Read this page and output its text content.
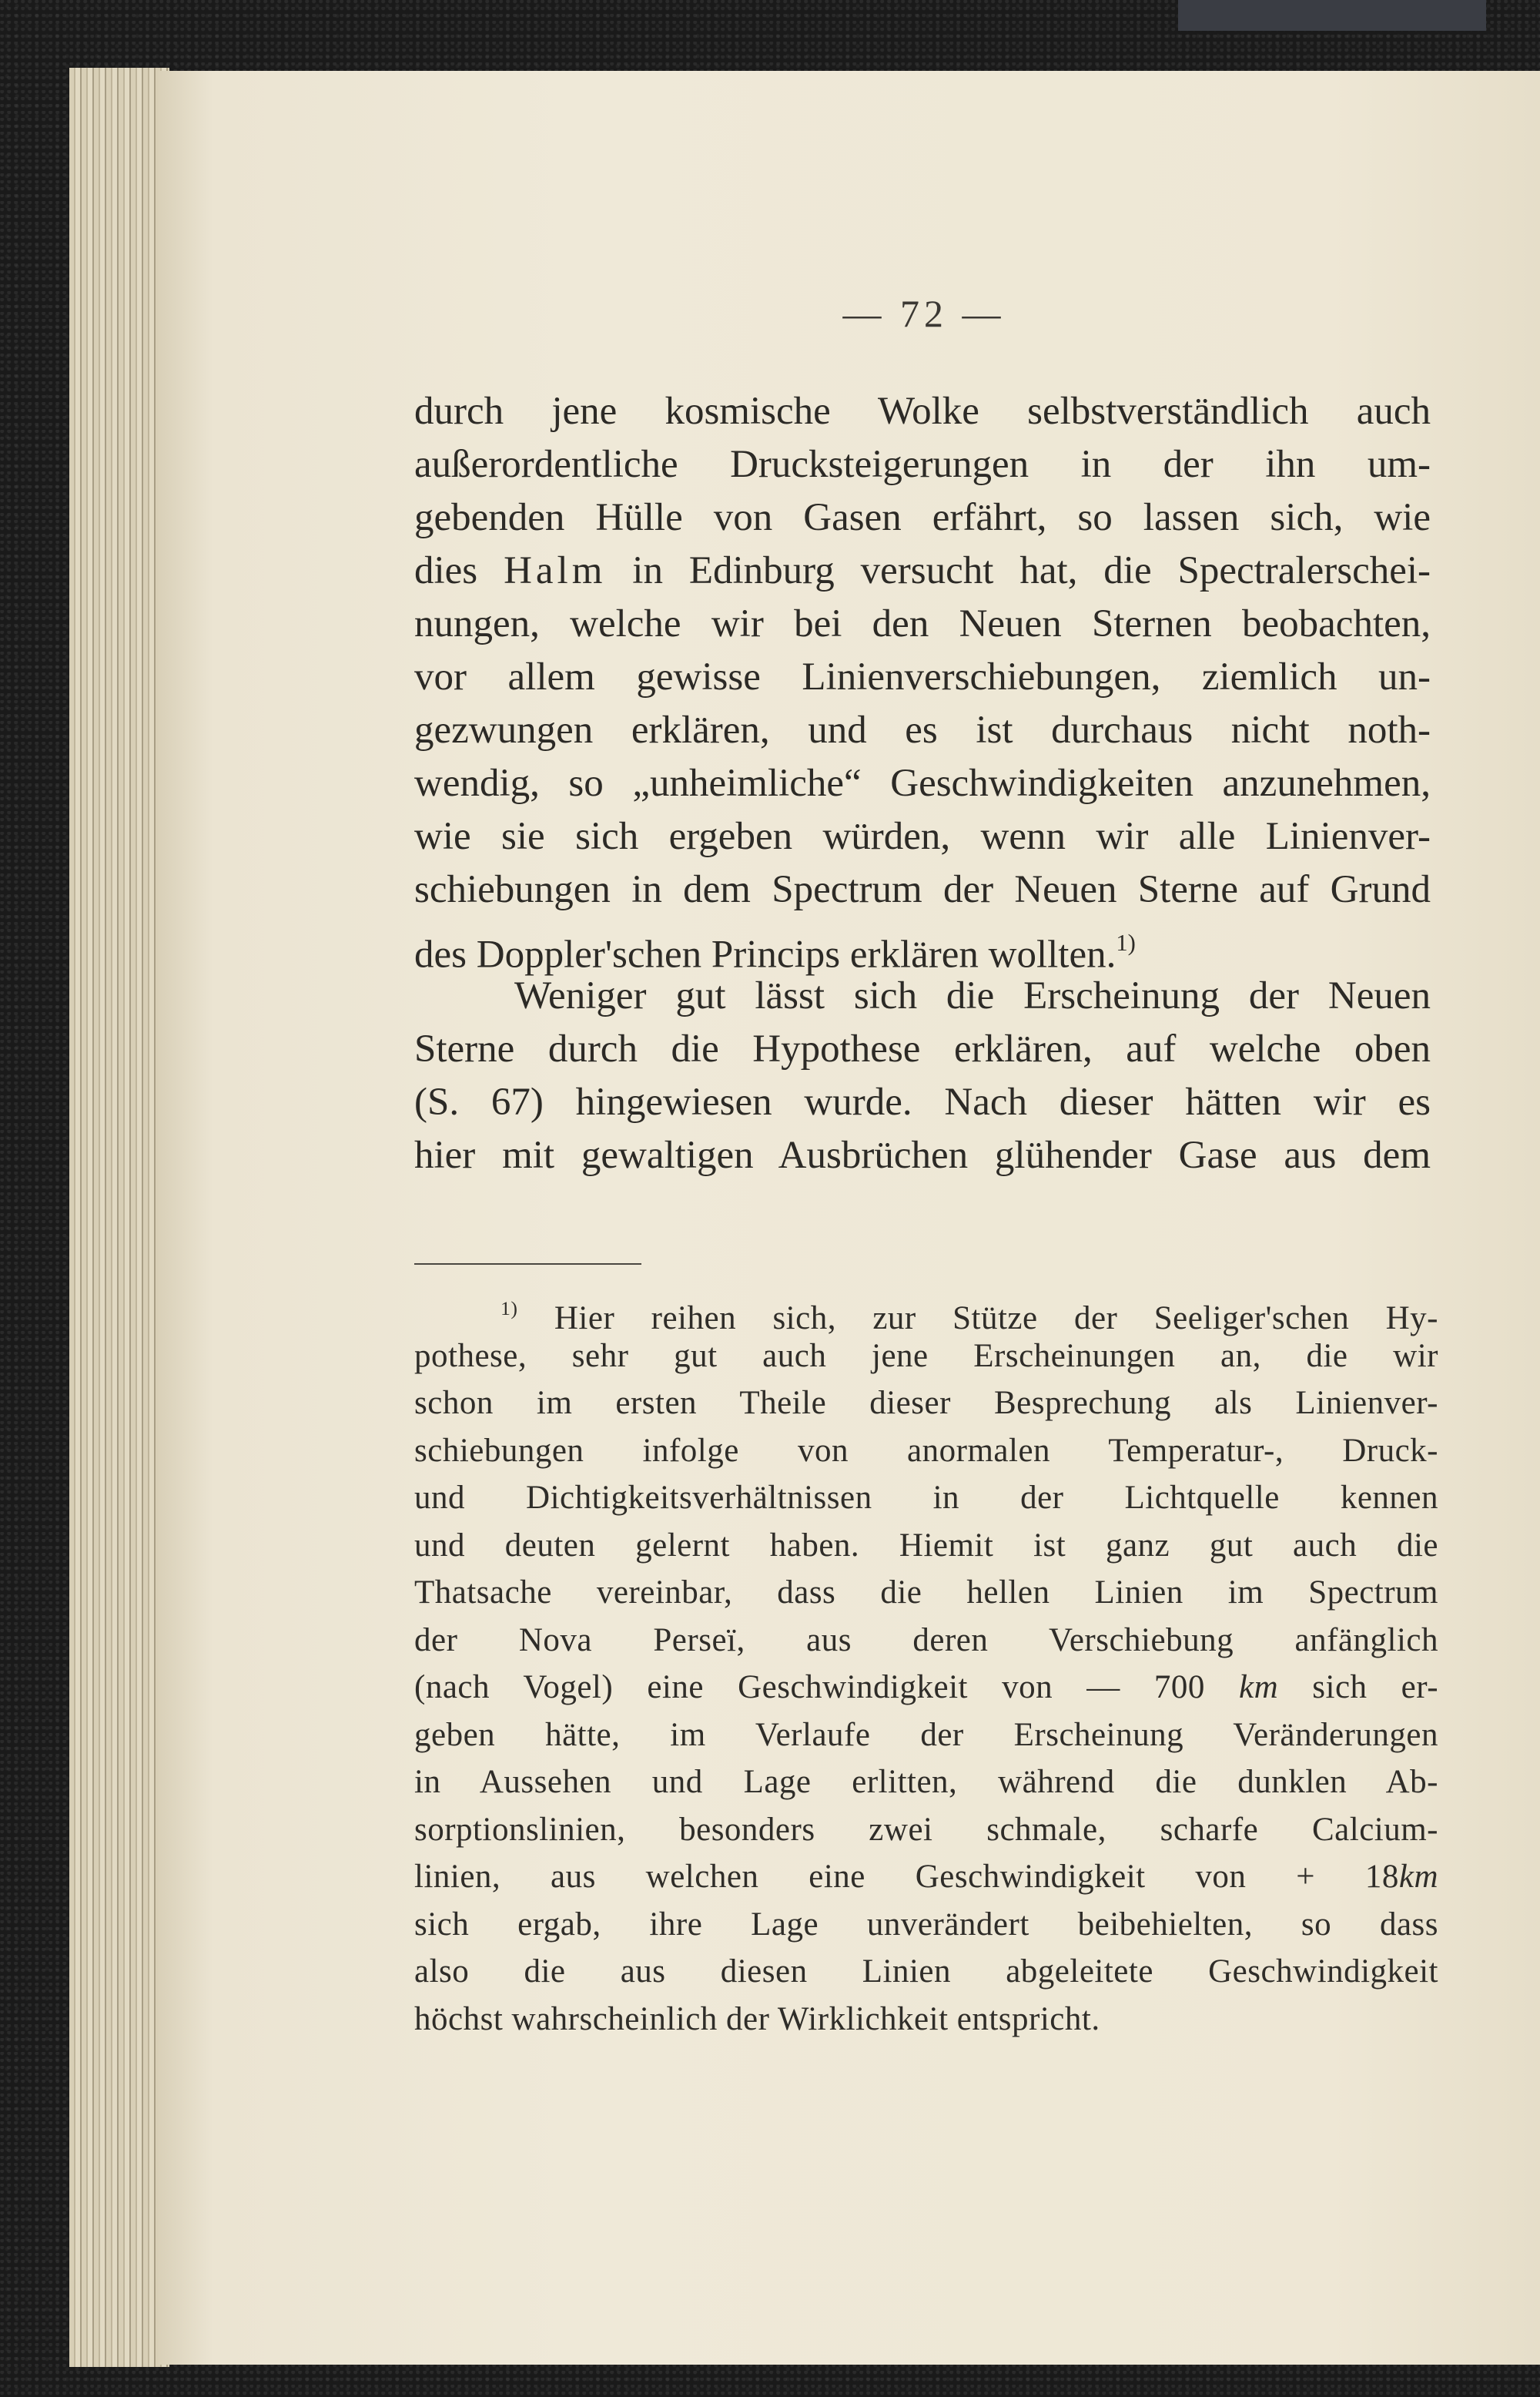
— 72 —
durch jene kosmische Wolke selbstverständlich auch
außerordentliche Drucksteigerungen in der ihn um-
gebenden Hülle von Gasen erfährt, so lassen sich, wie
dies Halm in Edinburg versucht hat, die Spectralerschei-
nungen, welche wir bei den Neuen Sternen beobachten,
vor allem gewisse Linienverschiebungen, ziemlich un-
gezwungen erklären, und es ist durchaus nicht noth-
wendig, so „unheimliche“ Geschwindigkeiten anzunehmen,
wie sie sich ergeben würden, wenn wir alle Linienver-
schiebungen in dem Spectrum der Neuen Sterne auf Grund
des Doppler'schen Princips erklären wollten.$^{1)}$
Weniger gut lässt sich die Erscheinung der Neuen
Sterne durch die Hypothese erklären, auf welche oben
(S. 67) hingewiesen wurde. Nach dieser hätten wir es
hier mit gewaltigen Ausbrüchen glühender Gase aus dem
$^{1)}$ Hier reihen sich, zur Stütze der Seeliger'schen Hy-
pothese, sehr gut auch jene Erscheinungen an, die wir
schon im ersten Theile dieser Besprechung als Linienver-
schiebungen infolge von anormalen Temperatur-, Druck-
und Dichtigkeitsverhältnissen in der Lichtquelle kennen
und deuten gelernt haben. Hiemit ist ganz gut auch die
Thatsache vereinbar, dass die hellen Linien im Spectrum
der Nova Perseï, aus deren Verschiebung anfänglich
(nach Vogel) eine Geschwindigkeit von — 700 km sich er-
geben hätte, im Verlaufe der Erscheinung Veränderungen
in Aussehen und Lage erlitten, während die dunklen Ab-
sorptionslinien, besonders zwei schmale, scharfe Calcium-
linien, aus welchen eine Geschwindigkeit von + 18km
sich ergab, ihre Lage unverändert beibehielten, so dass
also die aus diesen Linien abgeleitete Geschwindigkeit
höchst wahrscheinlich der Wirklichkeit entspricht.
